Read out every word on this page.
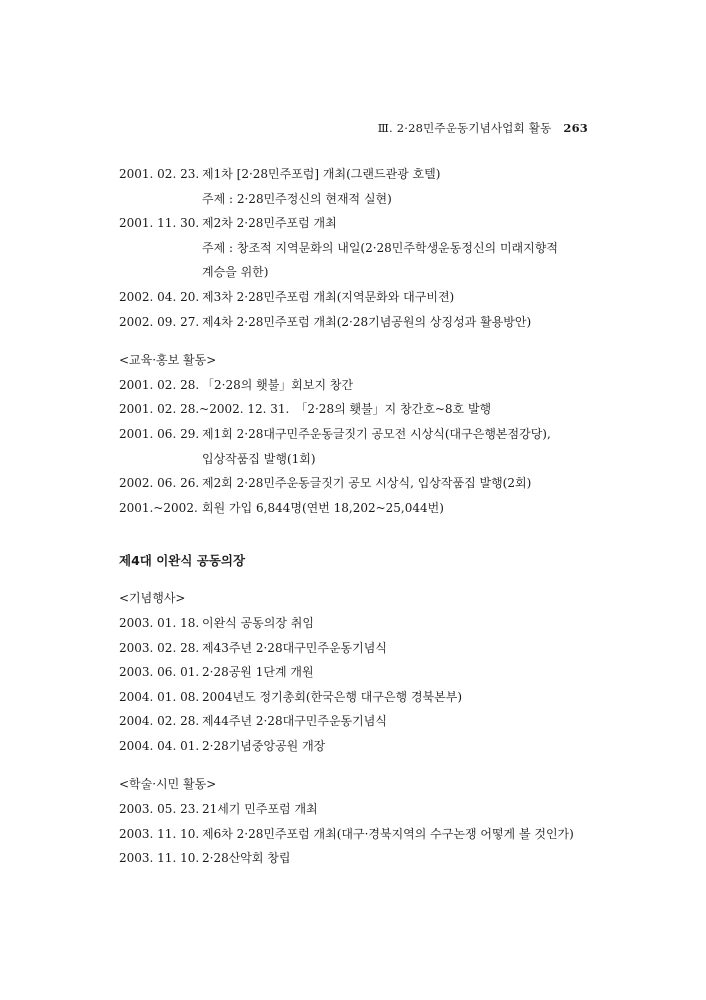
Ⅲ. 2·28민주운동기념사업회 활동 263
2001. 02. 23. 제1차 [2·28민주포럼] 개최(그랜드관광 호텔)
주제 : 2·28민주정신의 현재적 실현)
2001. 11. 30. 제2차 2·28민주포럼 개최
주제 : 창조적 지역문화의 내일(2·28민주학생운동정신의 미래지향적
계승을 위한)
2002. 04. 20. 제3차 2·28민주포럼 개최(지역문화와 대구비젼)
2002. 09. 27. 제4차 2·28민주포럼 개최(2·28기념공원의 상징성과 활용방안)
<교육·홍보 활동>
2001. 02. 28. 「2·28의 횃불」회보지 창간
2001. 02. 28.~2002. 12. 31. 「2·28의 횃불」지 창간호~8호 발행
2001. 06. 29. 제1회 2·28대구민주운동글짓기 공모전 시상식(대구은행본점강당),
입상작품집 발행(1회)
2002. 06. 26. 제2회 2·28민주운동글짓기 공모 시상식, 입상작품집 발행(2회)
2001.~2002. 회원 가입 6,844명(연번 18,202~25,044번)
제4대 이완식 공동의장
<기념행사>
2003. 01. 18. 이완식 공동의장 취임
2003. 02. 28. 제43주년 2·28대구민주운동기념식
2003. 06. 01. 2·28공원 1단계 개원
2004. 01. 08. 2004년도 정기총회(한국은행 대구은행 경북본부)
2004. 02. 28. 제44주년 2·28대구민주운동기념식
2004. 04. 01. 2·28기념중앙공원 개장
<학술·시민 활동>
2003. 05. 23. 21세기 민주포럼 개최
2003. 11. 10. 제6차 2·28민주포럼 개최(대구·경북지역의 수구논쟁 어떻게 볼 것인가)
2003. 11. 10. 2·28산악회 창립
